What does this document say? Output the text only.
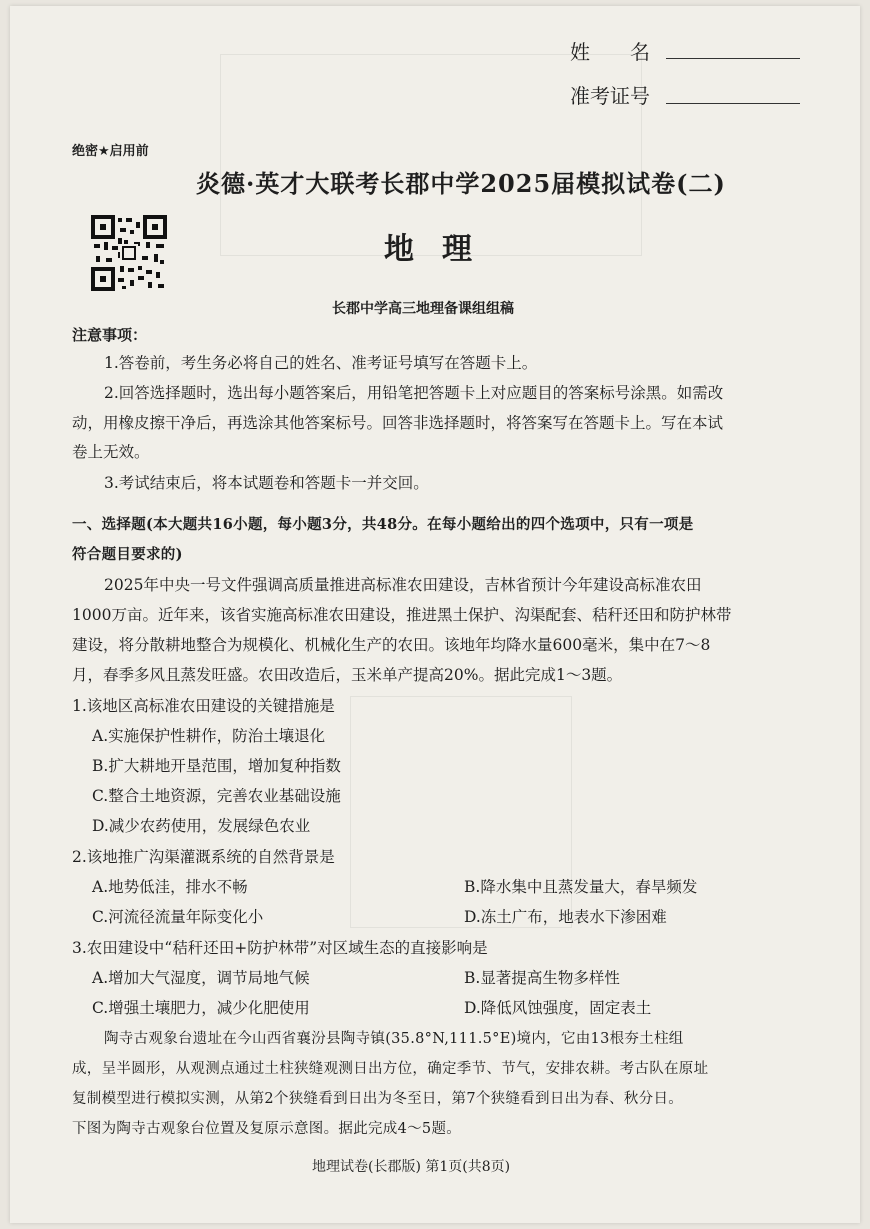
姓　　名
准考证号
绝密★启用前
炎德·英才大联考长郡中学2025届模拟试卷(二)
地理
长郡中学高三地理备课组组稿
注意事项：
1.答卷前，考生务必将自己的姓名、准考证号填写在答题卡上。
2.回答选择题时，选出每小题答案后，用铅笔把答题卡上对应题目的答案标号涂黑。如需改
动，用橡皮擦干净后，再选涂其他答案标号。回答非选择题时，将答案写在答题卡上。写在本试
卷上无效。
3.考试结束后，将本试题卷和答题卡一并交回。
一、选择题(本大题共16小题，每小题3分，共48分。在每小题给出的四个选项中，只有一项是
符合题目要求的)
2025年中央一号文件强调高质量推进高标准农田建设，吉林省预计今年建设高标准农田
1000万亩。近年来，该省实施高标准农田建设，推进黑土保护、沟渠配套、秸秆还田和防护林带
建设，将分散耕地整合为规模化、机械化生产的农田。该地年均降水量600毫米，集中在7～8
月，春季多风且蒸发旺盛。农田改造后，玉米单产提高20%。据此完成1～3题。
1.该地区高标准农田建设的关键措施是
A.实施保护性耕作，防治土壤退化
B.扩大耕地开垦范围，增加复种指数
C.整合土地资源，完善农业基础设施
D.减少农药使用，发展绿色农业
2.该地推广沟渠灌溉系统的自然背景是
A.地势低洼，排水不畅	B.降水集中且蒸发量大，春旱频发
C.河流径流量年际变化小	D.冻土广布，地表水下渗困难
3.农田建设中“秸秆还田+防护林带”对区域生态的直接影响是
A.增加大气湿度，调节局地气候	B.显著提高生物多样性
C.增强土壤肥力，减少化肥使用	D.降低风蚀强度，固定表土
陶寺古观象台遗址在今山西省襄汾县陶寺镇(35.8°N,111.5°E)境内，它由13根夯土柱组
成，呈半圆形，从观测点通过土柱狭缝观测日出方位，确定季节、节气，安排农耕。考古队在原址
复制模型进行模拟实测，从第2个狭缝看到日出为冬至日，第7个狭缝看到日出为春、秋分日。
下图为陶寺古观象台位置及复原示意图。据此完成4～5题。
地理试卷(长郡版) 第1页(共8页)
